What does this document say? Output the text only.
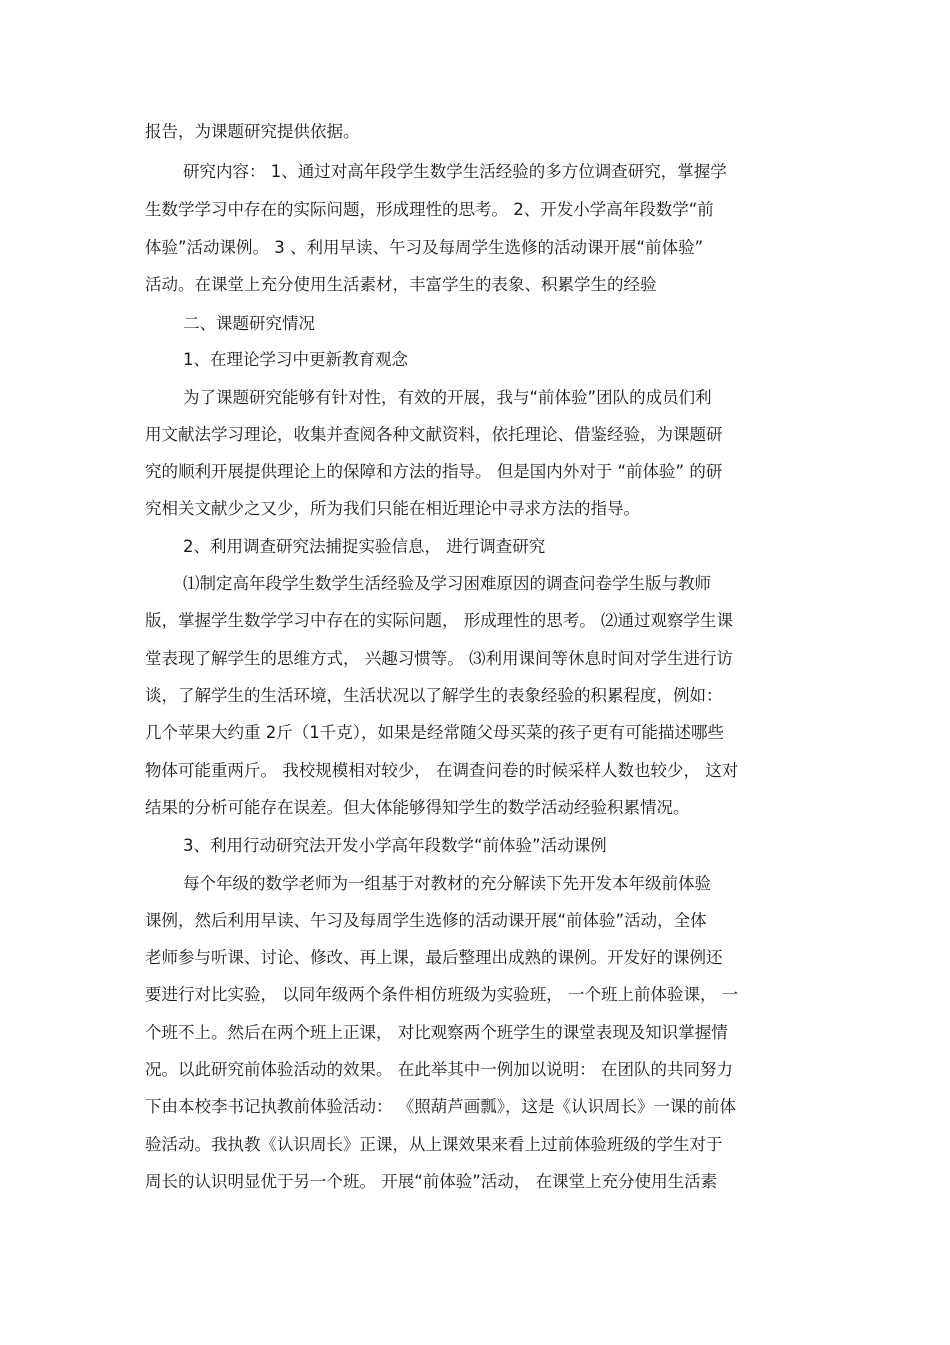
报告，为课题研究提供依据。
研究内容： 1、通过对高年段学生数学生活经验的多方位调查研究，掌握学
生数学学习中存在的实际问题，形成理性的思考。 2、开发小学高年段数学“前
体验”活动课例。 3 、利用早读、午习及每周学生选修的活动课开展“前体验”
活动。在课堂上充分使用生活素材，丰富学生的表象、积累学生的经验
二、课题研究情况
1、在理论学习中更新教育观念
为了课题研究能够有针对性，有效的开展，我与“前体验”团队的成员们利
用文献法学习理论，收集并查阅各种文献资料，依托理论、借鉴经验，为课题研
究的顺利开展提供理论上的保障和方法的指导。 但是国内外对于 “前体验” 的研
究相关文献少之又少，所为我们只能在相近理论中寻求方法的指导。
2、利用调查研究法捕捉实验信息， 进行调查研究
⑴制定高年段学生数学生活经验及学习困难原因的调查问卷学生版与教师
版，掌握学生数学学习中存在的实际问题， 形成理性的思考。 ⑵通过观察学生课
堂表现了解学生的思维方式， 兴趣习惯等。 ⑶利用课间等休息时间对学生进行访
谈，了解学生的生活环境，生活状况以了解学生的表象经验的积累程度，例如：
几个苹果大约重 2斤（1千克），如果是经常随父母买菜的孩子更有可能描述哪些
物体可能重两斤。 我校规模相对较少， 在调查问卷的时候采样人数也较少， 这对
结果的分析可能存在误差。但大体能够得知学生的数学活动经验积累情况。
3、利用行动研究法开发小学高年段数学“前体验”活动课例
每个年级的数学老师为一组基于对教材的充分解读下先开发本年级前体验
课例，然后利用早读、午习及每周学生选修的活动课开展“前体验”活动，全体
老师参与听课、讨论、修改、再上课，最后整理出成熟的课例。开发好的课例还
要进行对比实验， 以同年级两个条件相仿班级为实验班， 一个班上前体验课， 一
个班不上。然后在两个班上正课， 对比观察两个班学生的课堂表现及知识掌握情
况。以此研究前体验活动的效果。 在此举其中一例加以说明： 在团队的共同努力
下由本校李书记执教前体验活动： 《照葫芦画瓢》，这是《认识周长》一课的前体
验活动。我执教《认识周长》正课，从上课效果来看上过前体验班级的学生对于
周长的认识明显优于另一个班。 开展“前体验”活动， 在课堂上充分使用生活素
